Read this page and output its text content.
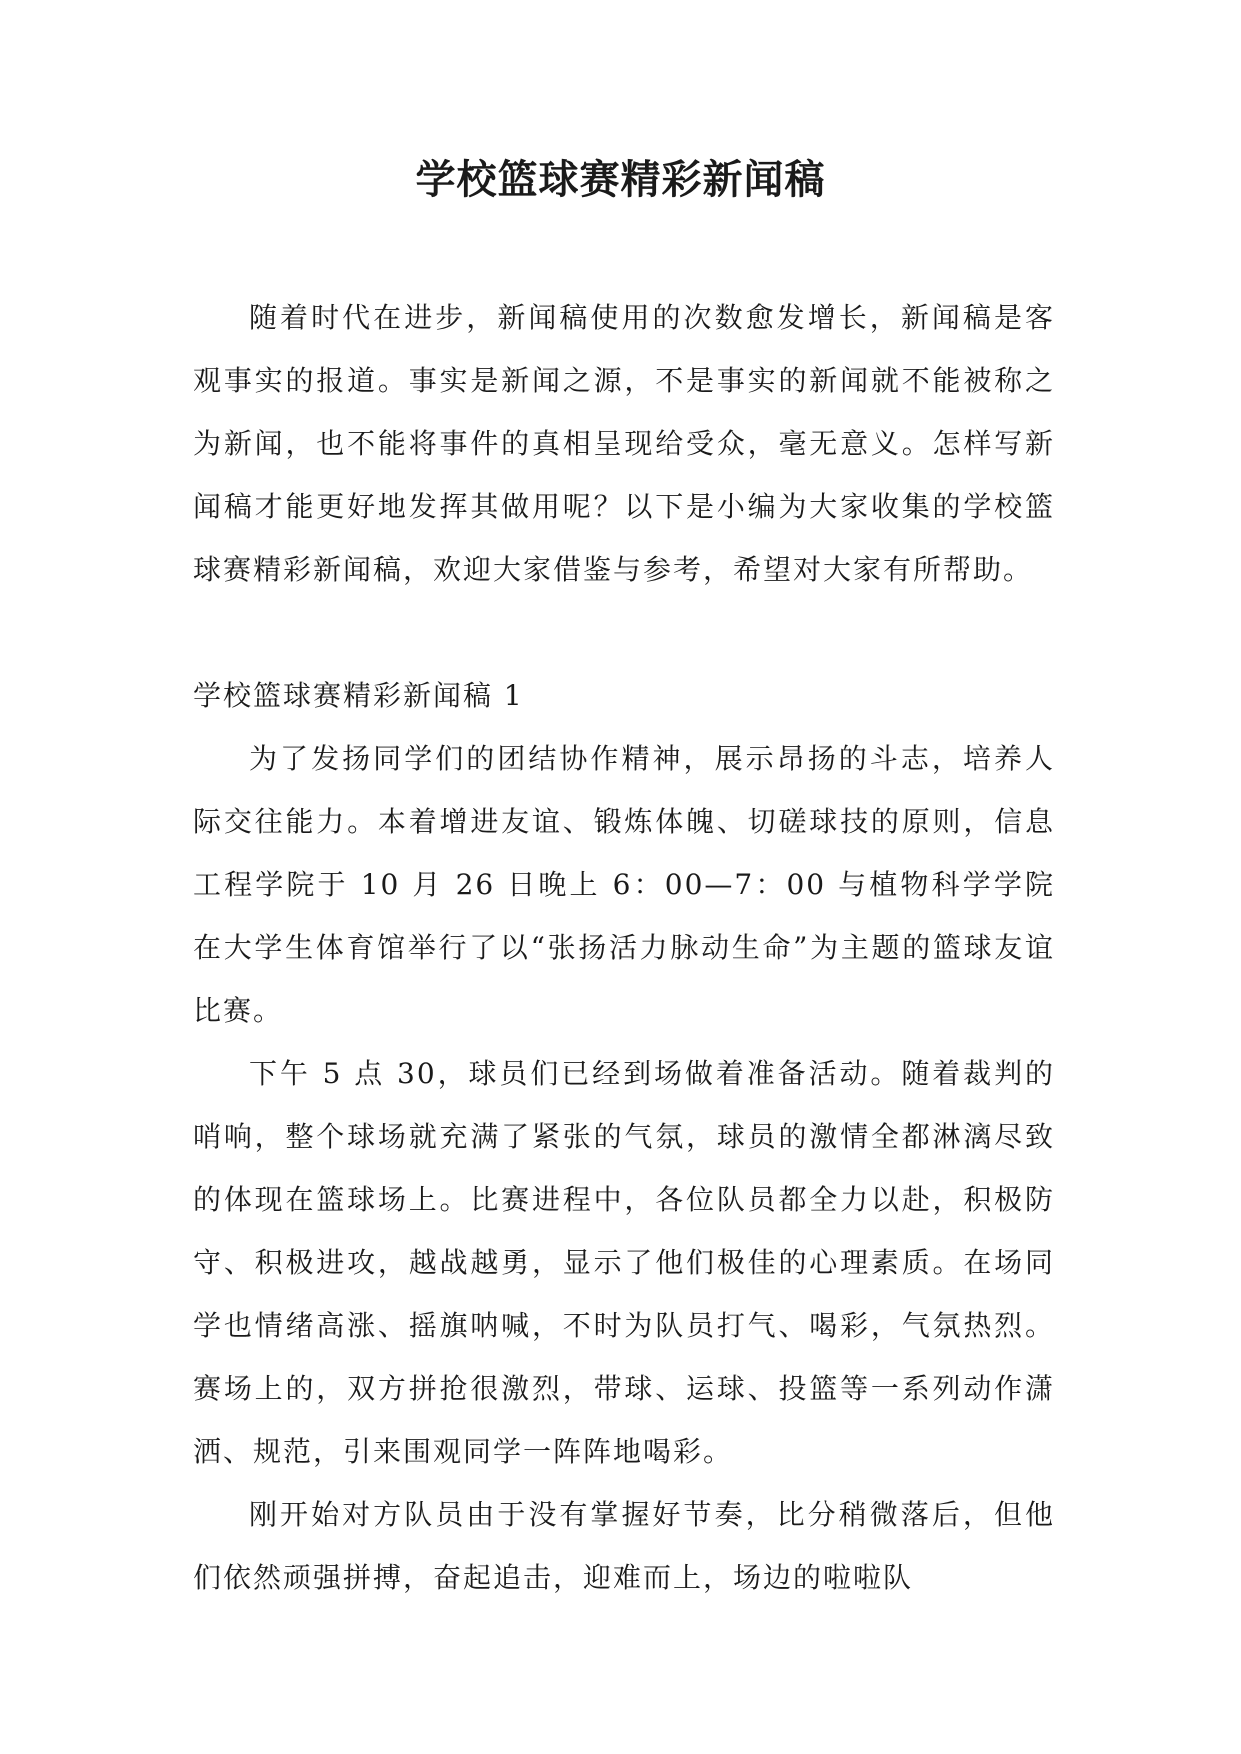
学校篮球赛精彩新闻稿

随着时代在进步，新闻稿使用的次数愈发增长，新闻稿是客观事实的报道。事实是新闻之源，不是事实的新闻就不能被称之为新闻，也不能将事件的真相呈现给受众，毫无意义。怎样写新闻稿才能更好地发挥其做用呢？以下是小编为大家收集的学校篮球赛精彩新闻稿，欢迎大家借鉴与参考，希望对大家有所帮助。

学校篮球赛精彩新闻稿 1

为了发扬同学们的团结协作精神，展示昂扬的斗志，培养人际交往能力。本着增进友谊、锻炼体魄、切磋球技的原则，信息工程学院于 10 月 26 日晚上 6：00—7：00 与植物科学学院在大学生体育馆举行了以“张扬活力脉动生命”为主题的篮球友谊比赛。

下午 5 点 30，球员们已经到场做着准备活动。随着裁判的哨响，整个球场就充满了紧张的气氛，球员的激情全都淋漓尽致的体现在篮球场上。比赛进程中，各位队员都全力以赴，积极防守、积极进攻，越战越勇，显示了他们极佳的心理素质。在场同学也情绪高涨、摇旗呐喊，不时为队员打气、喝彩，气氛热烈。赛场上的，双方拼抢很激烈，带球、运球、投篮等一系列动作潇洒、规范，引来围观同学一阵阵地喝彩。

刚开始对方队员由于没有掌握好节奏，比分稍微落后，但他们依然顽强拼搏，奋起追击，迎难而上，场边的啦啦队
